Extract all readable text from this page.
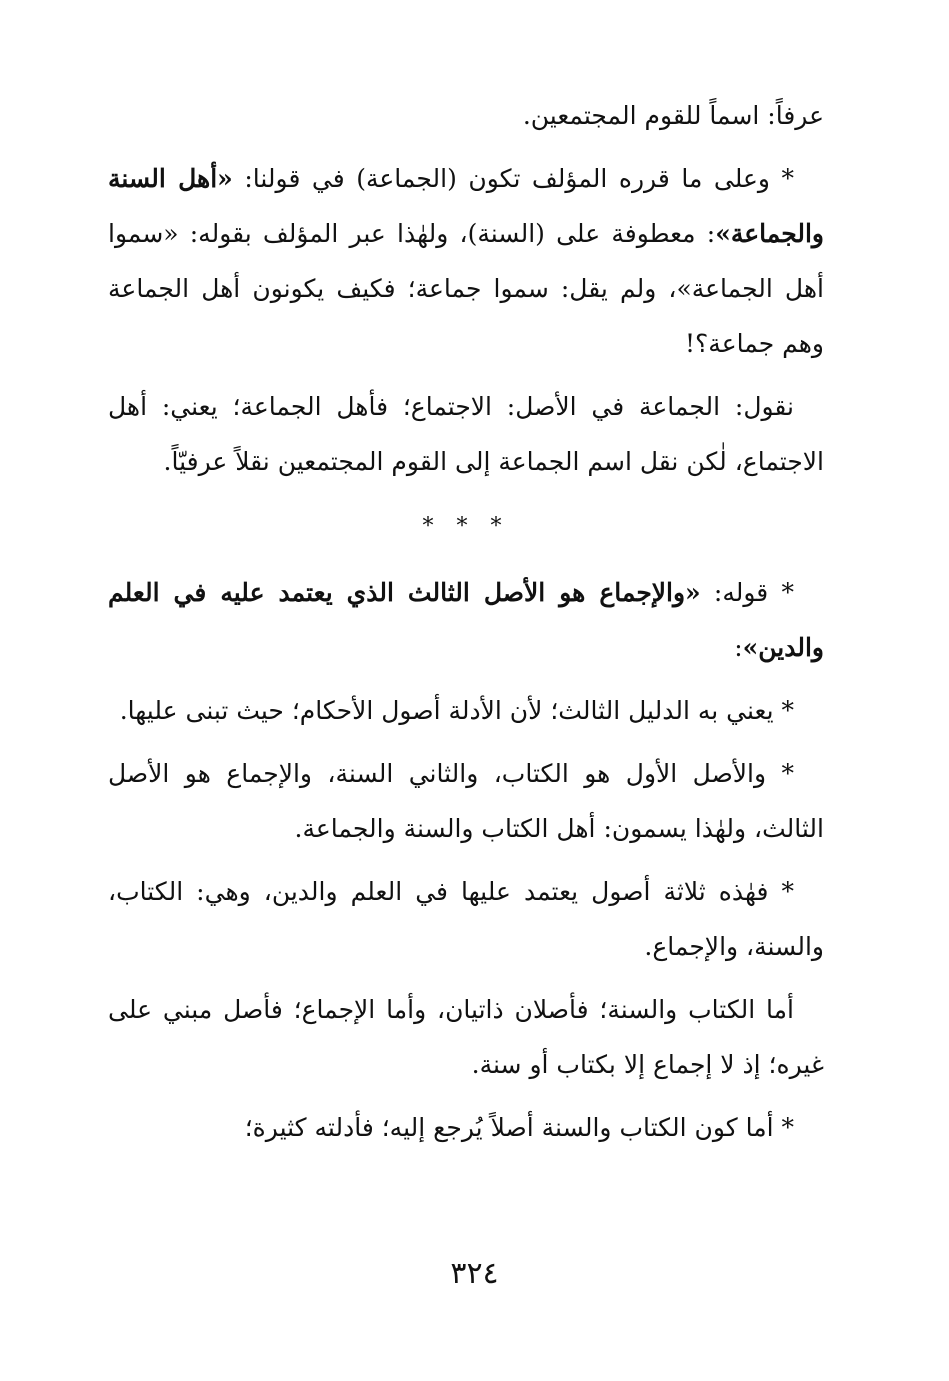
عرفاً: اسماً للقوم المجتمعين.

* وعلى ما قرره المؤلف تكون (الجماعة) في قولنا: «أهل السنة والجماعة»: معطوفة على (السنة)، ولهٰذا عبر المؤلف بقوله: «سموا أهل الجماعة»، ولم يقل: سموا جماعة؛ فكيف يكونون أهل الجماعة وهم جماعة؟!

نقول: الجماعة في الأصل: الاجتماع؛ فأهل الجماعة؛ يعني: أهل الاجتماع، لٰكن نقل اسم الجماعة إلى القوم المجتمعين نقلاً عرفيّاً.

* * *

* قوله: «والإجماع هو الأصل الثالث الذي يعتمد عليه في العلم والدين»:

* يعني به الدليل الثالث؛ لأن الأدلة أصول الأحكام؛ حيث تبنى عليها.

* والأصل الأول هو الكتاب، والثاني السنة، والإجماع هو الأصل الثالث، ولهٰذا يسمون: أهل الكتاب والسنة والجماعة.

* فهٰذه ثلاثة أصول يعتمد عليها في العلم والدين، وهي: الكتاب، والسنة، والإجماع.

أما الكتاب والسنة؛ فأصلان ذاتيان، وأما الإجماع؛ فأصل مبني على غيره؛ إذ لا إجماع إلا بكتاب أو سنة.

* أما كون الكتاب والسنة أصلاً يُرجع إليه؛ فأدلته كثيرة؛

٣٢٤
